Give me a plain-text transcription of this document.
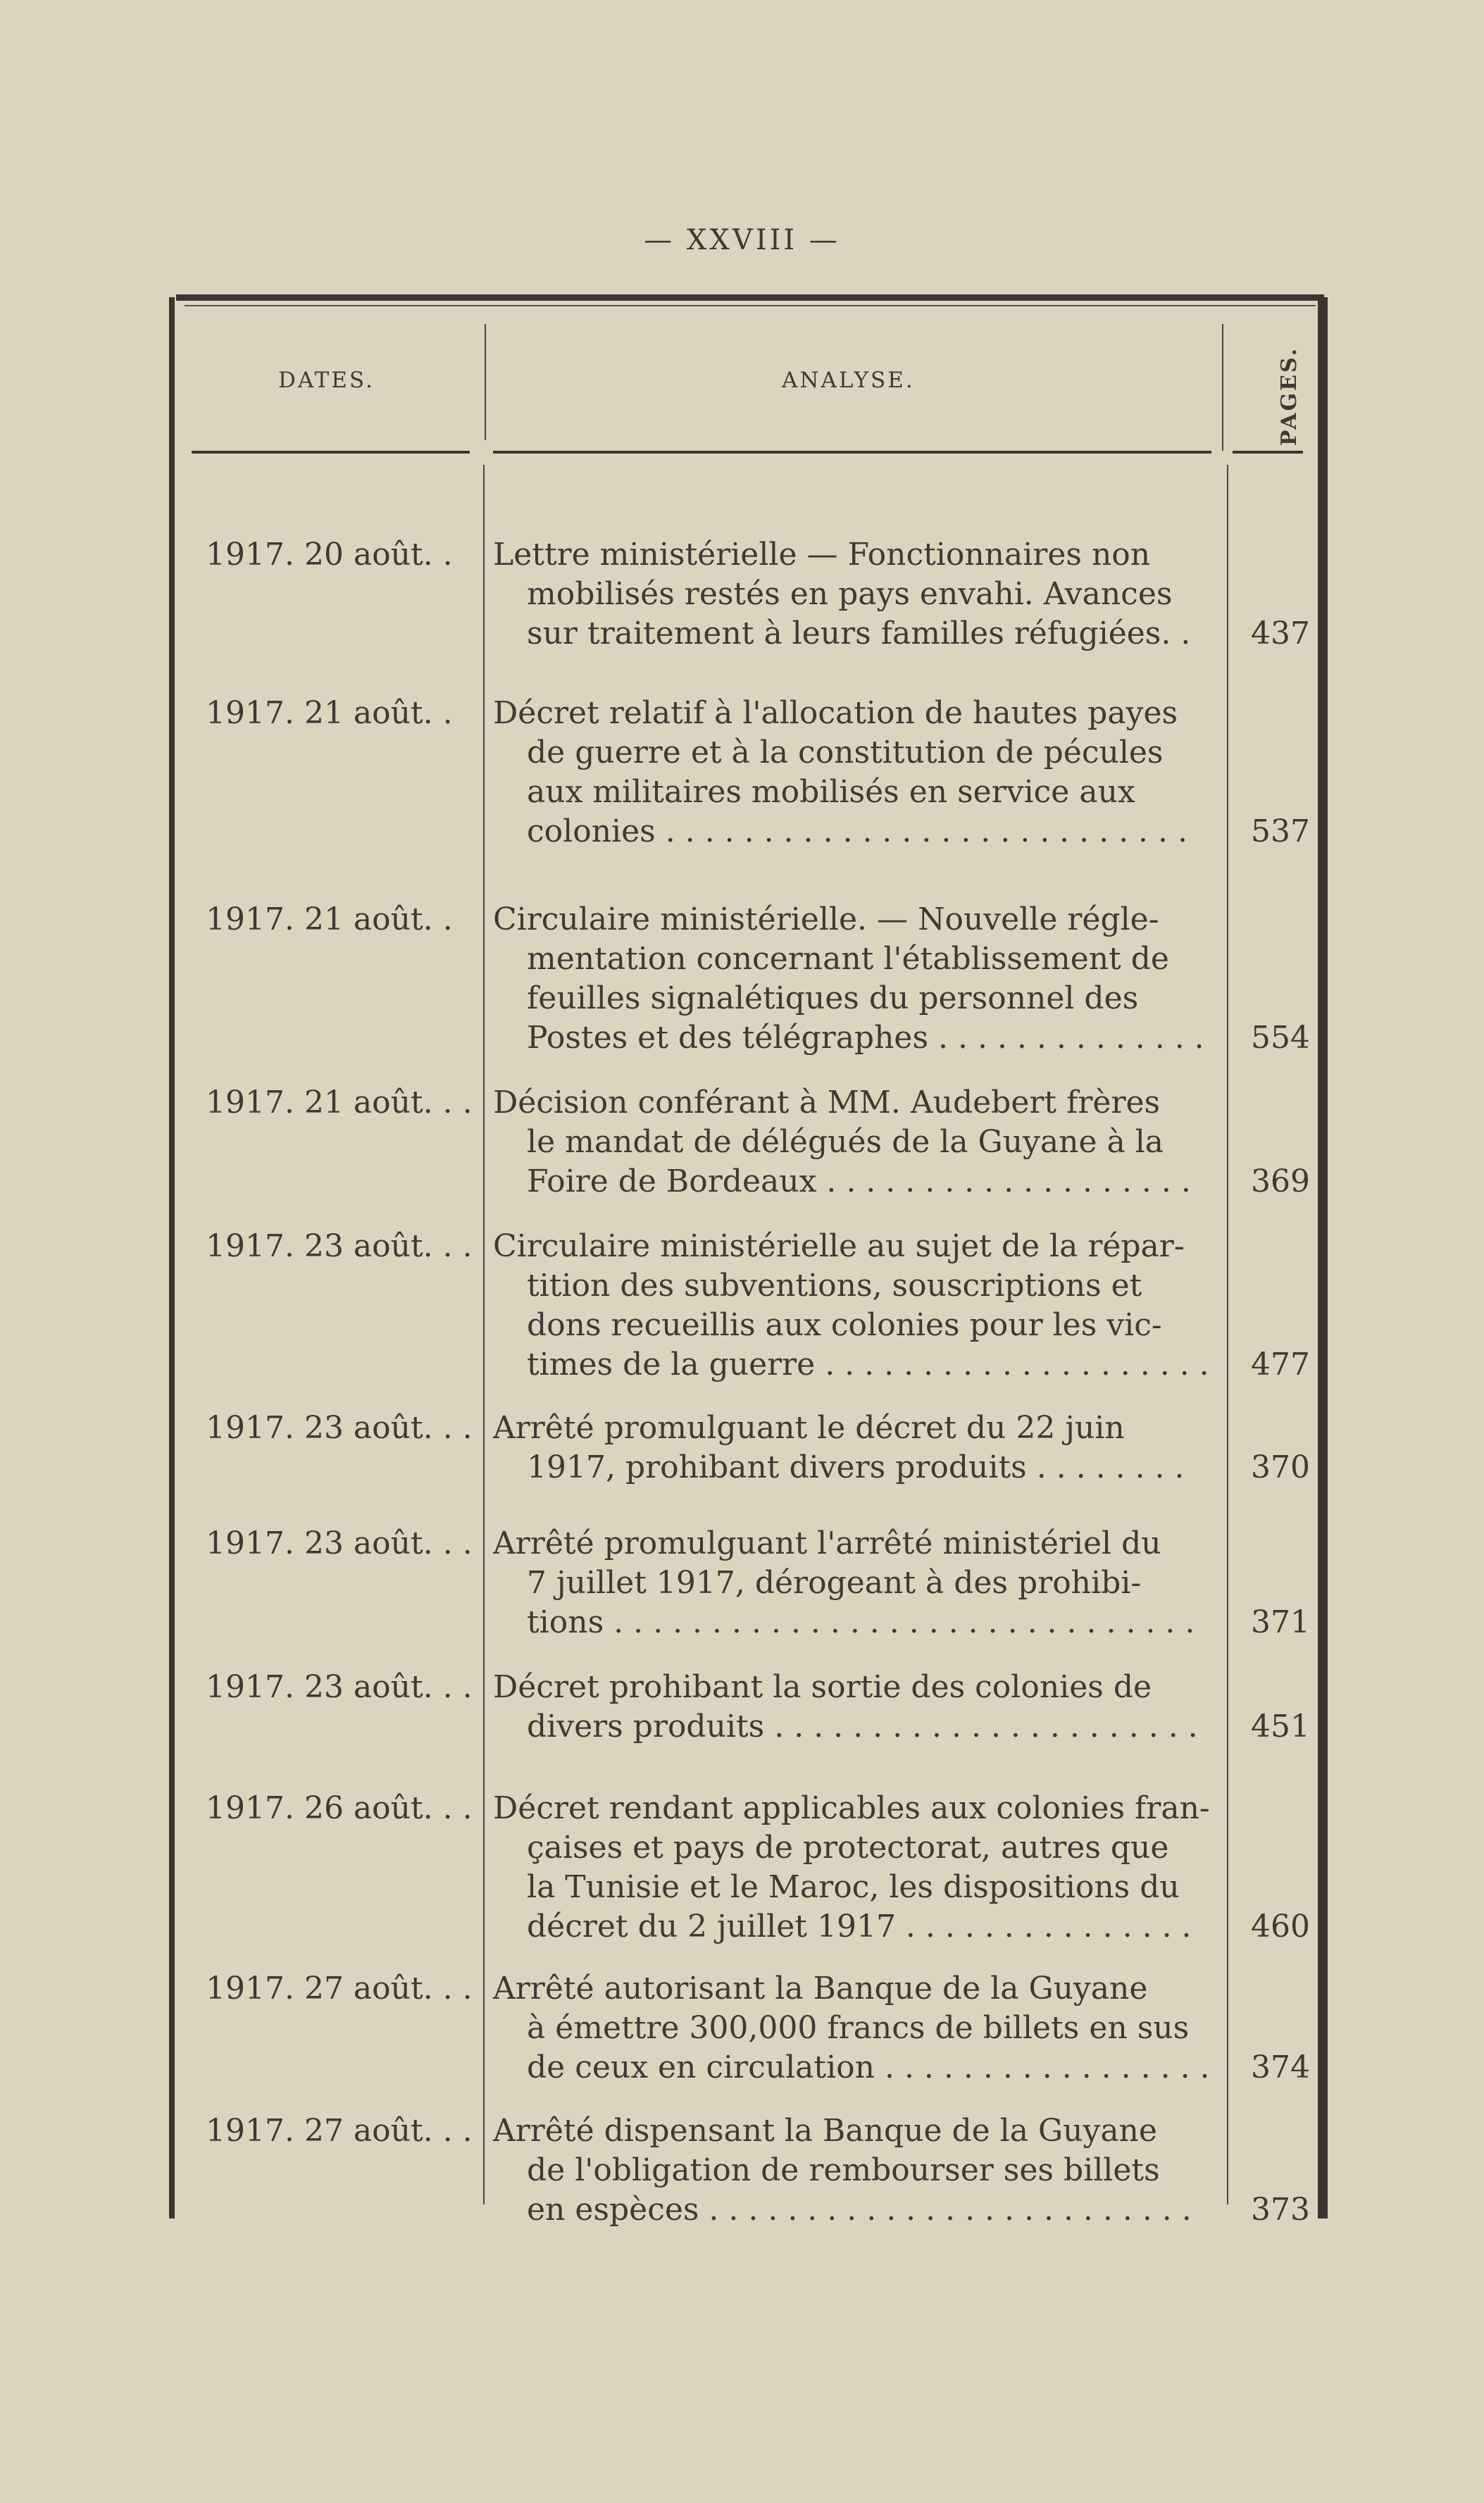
— XXVIII —
DATES.	ANALYSE.	PAGES.
1917. 20 août. . Lettre ministérielle — Fonctionnaires non
mobilisés restés en pays envahi. Avances
sur traitement à leurs familles réfugiées. .	437
1917. 21 août. . Décret relatif à l'allocation de hautes payes
de guerre et à la constitution de pécules
aux militaires mobilisés en service aux
colonies . . . . . . . . . . . . . . . . . . . . . . . . . . .	537
1917. 21 août. . Circulaire ministérielle. — Nouvelle régle-
mentation concernant l'établissement de
feuilles signalétiques du personnel des
Postes et des télégraphes . . . . . . . . . . . . . .	554
1917. 21 août. . . Décision conférant à MM. Audebert frères
le mandat de délégués de la Guyane à la
Foire de Bordeaux . . . . . . . . . . . . . . . . . . .	369
1917. 23 août. . . Circulaire ministérielle au sujet de la répar-
tition des subventions, souscriptions et
dons recueillis aux colonies pour les vic-
times de la guerre . . . . . . . . . . . . . . . . . . . .	477
1917. 23 août. . . Arrêté promulguant le décret du 22 juin
1917, prohibant divers produits . . . . . . . .	370
1917. 23 août. . . Arrêté promulguant l'arrêté ministériel du
7 juillet 1917, dérogeant à des prohibi-
tions . . . . . . . . . . . . . . . . . . . . . . . . . . . . . .	371
1917. 23 août. . . Décret prohibant la sortie des colonies de
divers produits . . . . . . . . . . . . . . . . . . . . . .	451
1917. 26 août. . . Décret rendant applicables aux colonies fran-
çaises et pays de protectorat, autres que
la Tunisie et le Maroc, les dispositions du
décret du 2 juillet 1917 . . . . . . . . . . . . . . .	460
1917. 27 août. . . Arrêté autorisant la Banque de la Guyane
à émettre 300,000 francs de billets en sus
de ceux en circulation . . . . . . . . . . . . . . . . .	374
1917. 27 août. . . Arrêté dispensant la Banque de la Guyane
de l'obligation de rembourser ses billets
en espèces . . . . . . . . . . . . . . . . . . . . . . . . .	373
